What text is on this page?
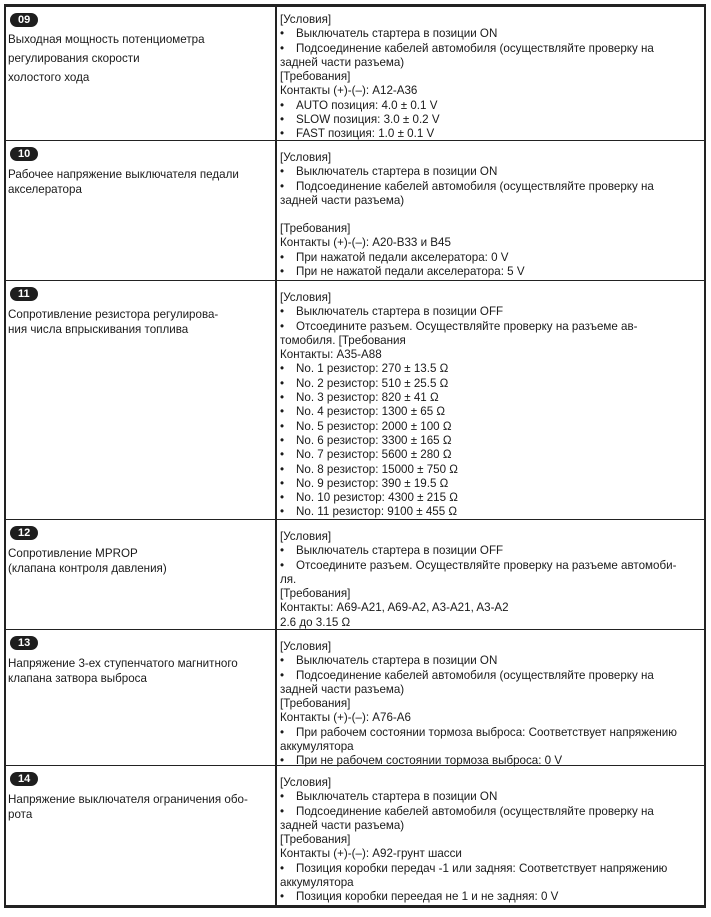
09
Выходная мощность потенциометра
регулирования скорости
холостого хода
[Условия]
• Выключатель стартера в позиции ON
• Подсоединение кабелей автомобиля (осуществляйте проверку на
задней части разъема)
[Требования]
Контакты (+)-(–): A12-A36
• AUTO позиция: 4.0 ± 0.1 V
• SLOW позиция: 3.0 ± 0.2 V
• FAST позиция: 1.0 ± 0.1 V
10
Рабочее напряжение выключателя педали
акселератора
[Условия]
• Выключатель стартера в позиции ON
• Подсоединение кабелей автомобиля (осуществляйте проверку на
задней части разъема)
[Требования]
Контакты (+)-(–): A20-B33 и B45
• При нажатой педали акселератора: 0 V
• При не нажатой педали акселератора: 5 V
11
Сопротивление резистора регулирова-
ния числа впрыскивания топлива
[Условия]
• Выключатель стартера в позиции OFF
• Отсоедините разъем. Осуществляйте проверку на разъеме ав-
томобиля. [Требования
Контакты: A35-A88
• No. 1 резистор: 270 ± 13.5 Ω
• No. 2 резистор: 510 ± 25.5 Ω
• No. 3 резистор: 820 ± 41 Ω
• No. 4 резистор: 1300 ± 65 Ω
• No. 5 резистор: 2000 ± 100 Ω
• No. 6 резистор: 3300 ± 165 Ω
• No. 7 резистор: 5600 ± 280 Ω
• No. 8 резистор: 15000 ± 750 Ω
• No. 9 резистор: 390 ± 19.5 Ω
• No. 10 резистор: 4300 ± 215 Ω
• No. 11 резистор: 9100 ± 455 Ω
12
Сопротивление MPROP
(клапана контроля давления)
[Условия]
• Выключатель стартера в позиции OFF
• Отсоедините разъем. Осуществляйте проверку на разъеме автомоби-
ля.
[Требования]
Контакты: A69-A21, A69-A2, A3-A21, A3-A2
2.6 до 3.15 Ω
13
Напряжение 3-ех ступенчатого магнитного
клапана затвора выброса
[Условия]
• Выключатель стартера в позиции ON
• Подсоединение кабелей автомобиля (осуществляйте проверку на
задней части разъема)
[Требования]
Контакты (+)-(–): A76-A6
• При рабочем состоянии тормоза выброса: Соответствует напряжению
аккумулятора
• При не рабочем состоянии тормоза выброса: 0 V
14
Напряжение выключателя ограничения обо-
рота
[Условия]
• Выключатель стартера в позиции ON
• Подсоединение кабелей автомобиля (осуществляйте проверку на
задней части разъема)
[Требования]
Контакты (+)-(–): A92-грунт шасси
• Позиция коробки передач -1 или задняя: Соответствует напряжению
аккумулятора
• Позиция коробки переедая не 1 и не задняя: 0 V
